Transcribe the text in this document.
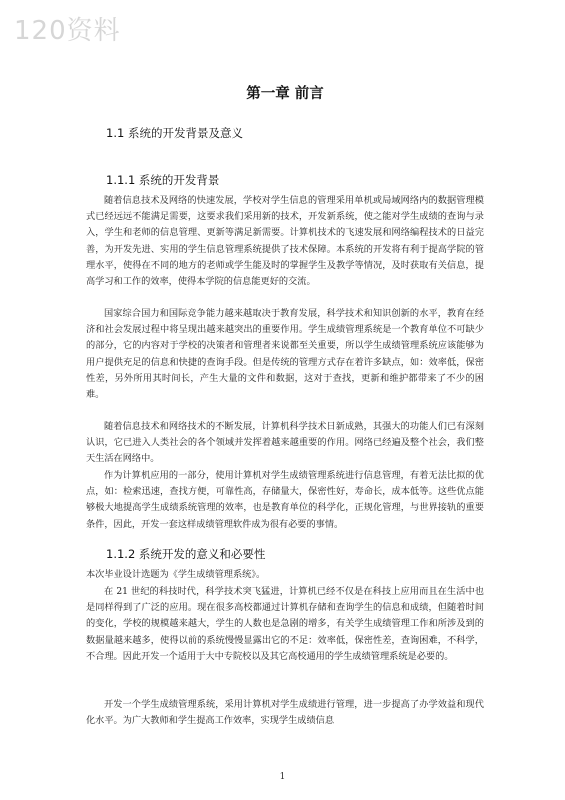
120资料
第一章 前言
1.1 系统的开发背景及意义
1.1.1 系统的开发背景

随着信息技术及网络的快速发展，学校对学生信息的管理采用单机或局域网络内的数据管理模式已经远远不能满足需要，这要求我们采用新的技术，开发新系统，使之能对学生成绩的查询与录入，学生和老师的信息管理、更新等满足新需要。计算机技术的飞速发展和网络编程技术的日益完善，为开发先进、实用的学生信息管理系统提供了技术保障。本系统的开发将有利于提高学院的管理水平，使得在不同的地方的老师或学生能及时的掌握学生及教学等情况，及时获取有关信息，提高学习和工作的效率，使得本学院的信息能更好的交流。

国家综合国力和国际竞争能力越来越取决于教育发展，科学技术和知识创新的水平，教育在经济和社会发展过程中将呈现出越来越突出的重要作用。学生成绩管理系统是一个教育单位不可缺少的部分，它的内容对于学校的决策者和管理者来说都至关重要，所以学生成绩管理系统应该能够为用户提供充足的信息和快捷的查询手段。但是传统的管理方式存在着许多缺点，如：效率低，保密性差，另外所用其时间长，产生大量的文件和数据，这对于查找，更新和维护都带来了不少的困难。

随着信息技术和网络技术的不断发展，计算机科学技术日新成熟，其强大的功能人们已有深刻认识，它已进入人类社会的各个领域并发挥着越来越重要的作用。网络已经遍及整个社会，我们整天生活在网络中。

作为计算机应用的一部分，使用计算机对学生成绩管理系统进行信息管理，有着无法比拟的优点，如：检索迅速，查找方便，可靠性高，存储量大，保密性好，寿命长，成本低等。这些优点能够极大地提高学生成绩系统管理的效率，也是教育单位的科学化，正规化管理，与世界接轨的重要条件，因此，开发一套这样成绩管理软件成为很有必要的事情。

1.1.2 系统开发的意义和必要性

本次毕业设计选题为《学生成绩管理系统》。

在 21 世纪的科技时代，科学技术突飞猛进，计算机已经不仅是在科技上应用而且在生活中也是同样得到了广泛的应用。现在很多高校都通过计算机存储和查询学生的信息和成绩，但随着时间的变化，学校的规模越来越大，学生的人数也是急剧的增多，有关学生成绩管理工作和所涉及到的数据量越来越多，使得以前的系统慢慢显露出它的不足：效率低，保密性差，查询困难，不科学，不合理。因此开发一个适用于大中专院校以及其它高校通用的学生成绩管理系统是必要的。

开发一个学生成绩管理系统，采用计算机对学生成绩进行管理，进一步提高了办学效益和现代化水平。为广大教师和学生提高工作效率，实现学生成绩信息

1
